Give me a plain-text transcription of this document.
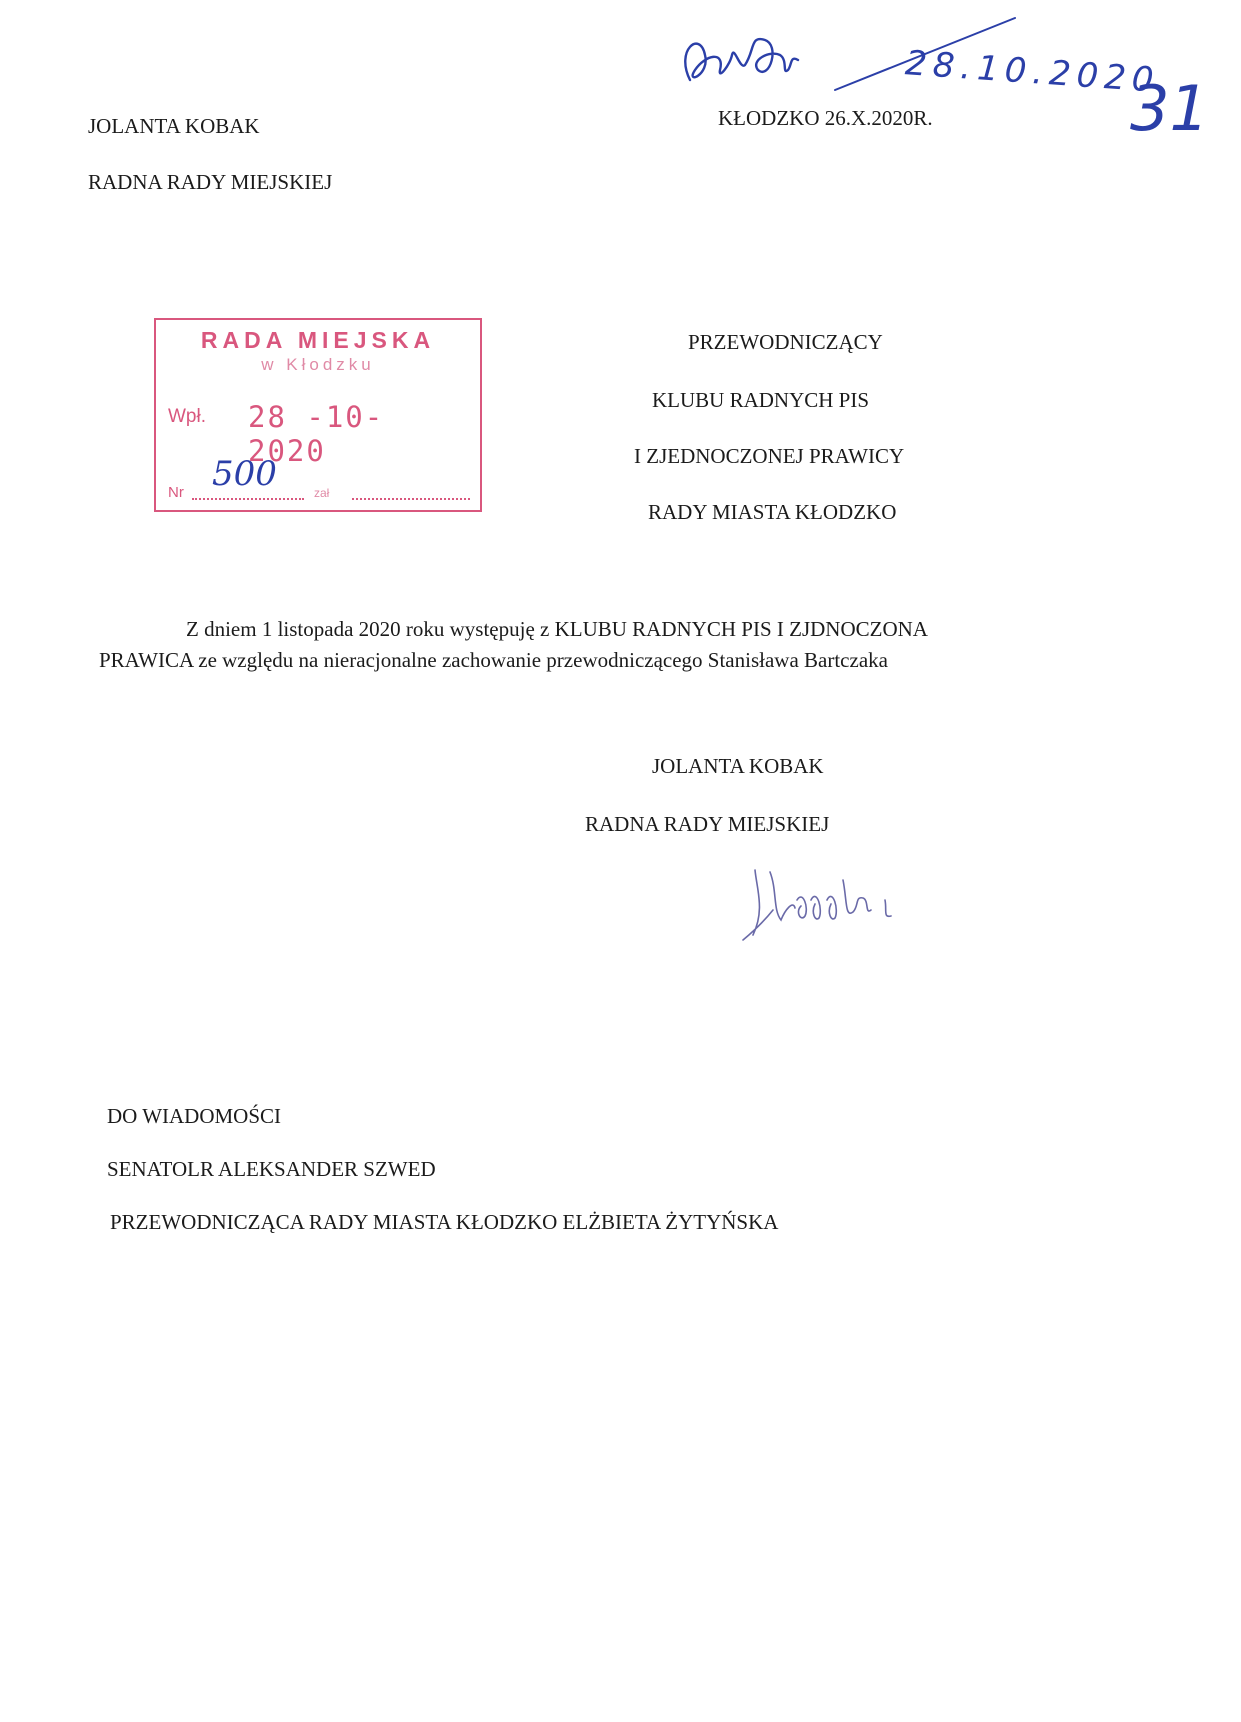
31
28.10.2020
JOLANTA KOBAK
RADNA RADY MIEJSKIEJ
KŁODZKO 26.X.2020R.
RADA MIEJSKA
w Kłodzku
Wpł. 28 -10- 2020
Nr	zał
500
PRZEWODNICZĄCY
KLUBU RADNYCH PIS
I ZJEDNOCZONEJ PRAWICY
RADY MIASTA KŁODZKO
Z dniem 1 listopada 2020 roku występuję z KLUBU RADNYCH PIS I ZJDNOCZONA
PRAWICA ze względu na nieracjonalne zachowanie przewodniczącego Stanisława Bartczaka
JOLANTA KOBAK
RADNA RADY MIEJSKIEJ
DO WIADOMOŚCI
SENATOLR ALEKSANDER SZWED
PRZEWODNICZĄCA RADY MIASTA KŁODZKO ELŻBIETA ŻYTYŃSKA
